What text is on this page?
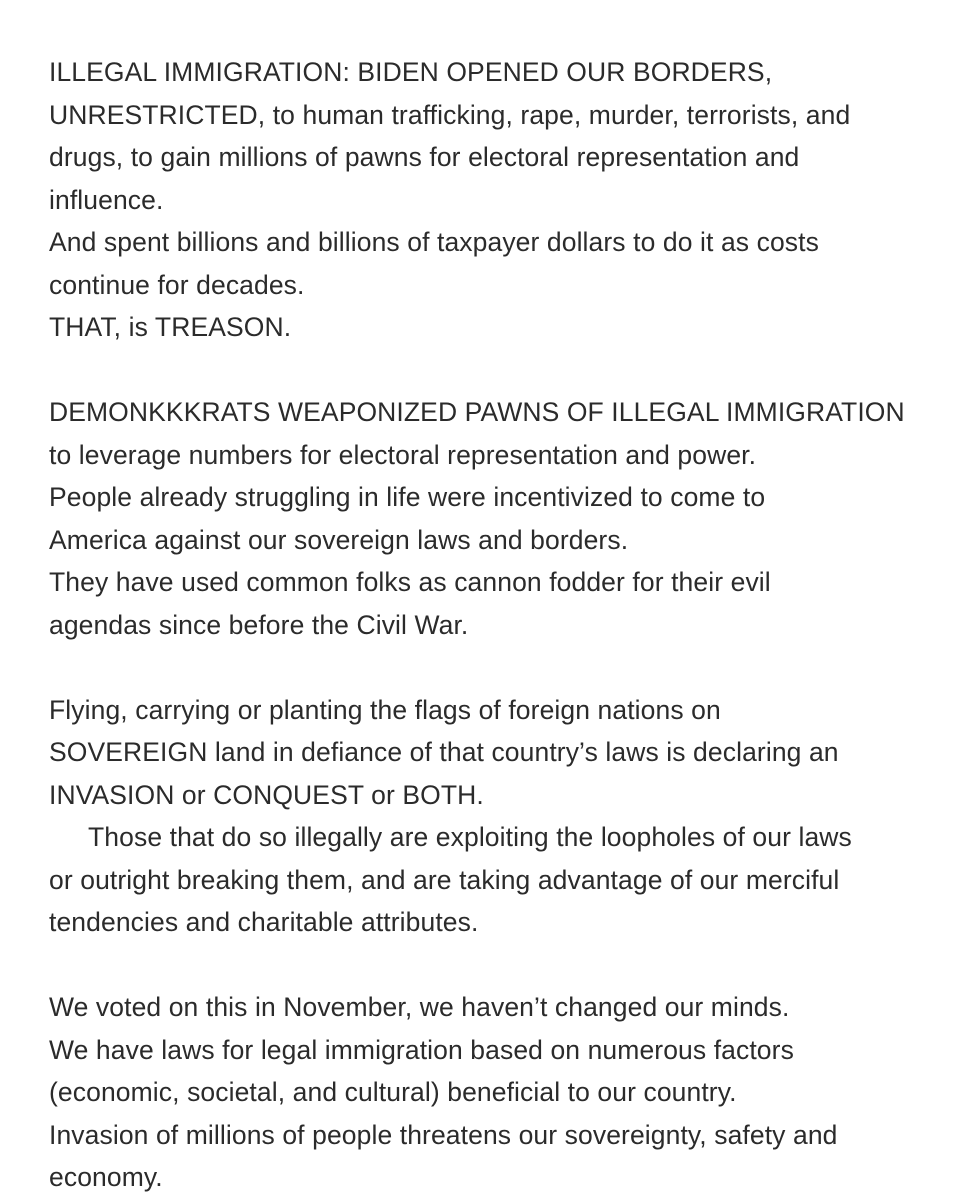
ILLEGAL IMMIGRATION: BIDEN OPENED OUR BORDERS,
UNRESTRICTED, to human trafficking, rape, murder, terrorists, and
drugs, to gain millions of pawns for electoral representation and
influence.
And spent billions and billions of taxpayer dollars to do it as costs
continue for decades.
THAT, is TREASON.
DEMONKKKRATS WEAPONIZED PAWNS OF ILLEGAL IMMIGRATION
to leverage numbers for electoral representation and power.
People already struggling in life were incentivized to come to
America against our sovereign laws and borders.
They have used common folks as cannon fodder for their evil
agendas since before the Civil War.
Flying, carrying or planting the flags of foreign nations on
SOVEREIGN land in defiance of that country’s laws is declaring an
INVASION or CONQUEST or BOTH.
Those that do so illegally are exploiting the loopholes of our laws
or outright breaking them, and are taking advantage of our merciful
tendencies and charitable attributes.
We voted on this in November, we haven’t changed our minds.
We have laws for legal immigration based on numerous factors
(economic, societal, and cultural) beneficial to our country.
Invasion of millions of people threatens our sovereignty, safety and
economy.
